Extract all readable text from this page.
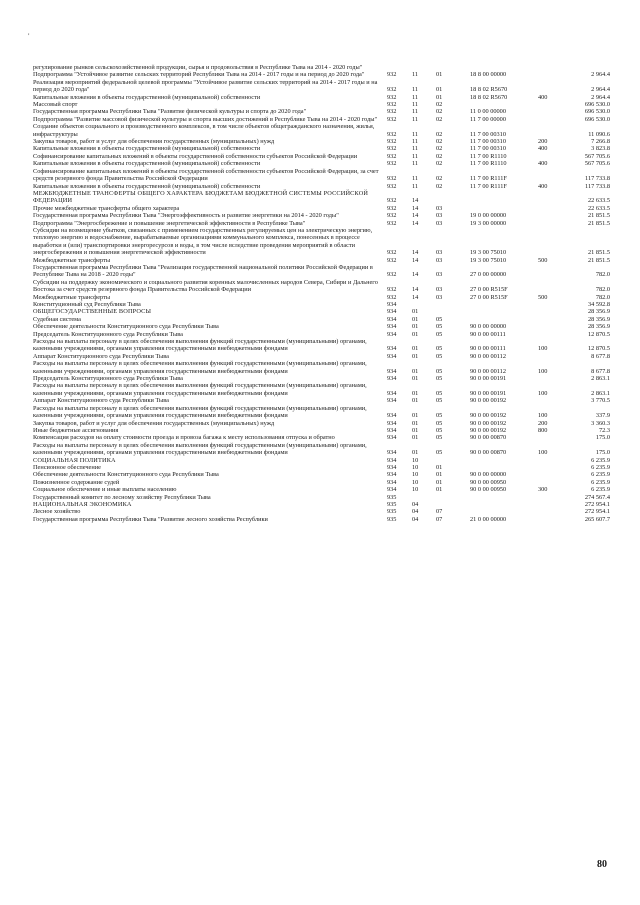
,
регулирование рынков сельскохозяйственной продукции, сырья и продовольствия в Республике Тыва на 2014 - 2020 годы"
Подпрограмма "Устойчивое развитие сельских территорий Республики Тыва на 2014 - 2017 годы и на период до 2020 года"	932 11	01	18 8 00 00000	2 964.4
Реализация мероприятий федеральной целевой программы "Устойчивое развитие сельских территорий на 2014 - 2017 годы и на период до 2020 года"	932 11	01	18 8 02 R5670	2 964.4
Капитальные вложения в объекты государственной (муниципальной) собственности	932 11	01	18 8 02 R5670	400	2 964.4
Массовый спорт	932 11	02	696 530.0
Государственная программа Республики Тыва "Развитие физической культуры и спорта до 2020 года"	932 11	02	11 0 00 00000	696 530.0
Подпрограмма "Развитие массовой физической культуры и спорта высших достижений в Республике Тыва на 2014 - 2020 годы"	932 11	02	11 7 00 00000	696 530.0
Создание объектов социального и производственного комплексов, в том числе объектов общегражданского назначения, жилья, инфраструктуры	932 11	02	11 7 00 00310	11 090.6
Закупка товаров, работ и услуг для обеспечения государственных (муниципальных) нужд	932 11	02	11 7 00 00310	200	7 266.8
Капитальные вложения в объекты государственной (муниципальной) собственности	932 11	02	11 7 00 00310	400	3 823.8
Софинансирование капитальных вложений в объекты государственной собственности субъектов Российской Федерации	932 11	02	11 7 00 R1110	567 705.6
Капитальные вложения в объекты государственной (муниципальной) собственности	932 11	02	11 7 00 R1110	400	567 705.6
Софинансирование капитальных вложений в объекты государственной собственности субъектов Российской Федерации, за счет средств резервного фонда Правительства Российской Федерации	932 11	02	11 7 00 R111F	117 733.8
Капитальные вложения в объекты государственной (муниципальной) собственности	932 11	02	11 7 00 R111F	400	117 733.8
МЕЖБЮДЖЕТНЫЕ ТРАНСФЕРТЫ ОБЩЕГО ХАРАКТЕРА БЮДЖЕТАМ БЮДЖЕТНОЙ СИСТЕМЫ РОССИЙСКОЙ ФЕДЕРАЦИИ	932 14	22 633.5
Прочие межбюджетные трансферты общего характера	932 14	03	22 633.5
Государственная программа Республики Тыва "Энергоэффективность и развитие энергетики на 2014 - 2020 годы"	932 14	03	19 0 00 00000	21 851.5
Подпрограмма "Энергосбережение и повышение энергетической эффективности в Республике Тыва"	932 14	03	19 3 00 00000	21 851.5
Субсидии на возмещение убытков, связанных с применением государственных регулируемых цен на электрическую энергию, тепловую энергию и водоснабжение, вырабатываемые организациями коммунального комплекса, понесенных в процессе выработки и (или) транспортировки энергоресурсов и воды, в том числе вследствие проведения мероприятий в области энергосбережения и повышения энергетической эффективности	932 14	03	19 3 00 75010	21 851.5
Межбюджетные трансферты	932 14	03	19 3 00 75010	500	21 851.5
Государственная программа Республики Тыва "Реализация государственной национальной политики Российской Федерации в Республике Тыва на 2018 - 2020 годы"	932 14	03	27 0 00 00000	782.0
Субсидии на поддержку экономического и социального развития коренных малочисленных народов Севера, Сибири и Дальнего Востока за счет средств резервного фонда Правительства Российской Федерации	932 14	03	27 0 00 R515F	782.0
Межбюджетные трансферты	932 14	03	27 0 00 R515F	500	782.0
Конституционный суд Республики Тыва	934	34 592.8
ОБЩЕГОСУДАРСТВЕННЫЕ ВОПРОСЫ	934 01	28 356.9
Судебная система	934 01	05	28 356.9
Обеспечение деятельности Конституционного суда Республики Тыва	934 01	05	90 0 00 00000	28 356.9
Председатель Конституционного суда Республики Тыва	934 01	05	90 0 00 00111	12 870.5
Расходы на выплаты персоналу в целях обеспечения выполнения функций государственными (муниципальными) органами, казенными учреждениями, органами управления государственными внебюджетными фондами	934 01	05	90 0 00 00111	100	12 870.5
Аппарат Конституционного суда Республики Тыва	934 01	05	90 0 00 00112	8 677.8
Расходы на выплаты персоналу в целях обеспечения выполнения функций государственными (муниципальными) органами, казенными учреждениями, органами управления государственными внебюджетными фондами	934 01	05	90 0 00 00112	100	8 677.8
Председатель Конституционного суда Республики Тыва	934 01	05	90 0 00 00191	2 863.1
Расходы на выплаты персоналу в целях обеспечения выполнения функций государственными (муниципальными) органами, казенными учреждениями, органами управления государственными внебюджетными фондами	934 01	05	90 0 00 00191	100	2 863.1
Аппарат Конституционного суда Республики Тыва	934 01	05	90 0 00 00192	3 770.5
Расходы на выплаты персоналу в целях обеспечения выполнения функций государственными (муниципальными) органами, казенными учреждениями, органами управления государственными внебюджетными фондами	934 01	05	90 0 00 00192	100	337.9
Закупка товаров, работ и услуг для обеспечения государственных (муниципальных) нужд	934 01	05	90 0 00 00192	200	3 360.3
Иные бюджетные ассигнования	934 01	05	90 0 00 00192	800	72.3
Компенсация расходов на оплату стоимости проезда и провоза багажа к месту использования отпуска и обратно	934 01	05	90 0 00 00870	175.0
Расходы на выплаты персоналу в целях обеспечения выполнения функций государственными (муниципальными) органами, казенными учреждениями, органами управления государственными внебюджетными фондами	934 01	05	90 0 00 00870	100	175.0
СОЦИАЛЬНАЯ ПОЛИТИКА	934 10	6 235.9
Пенсионное обеспечение	934 10	01	6 235.9
Обеспечение деятельности Конституционного суда Республики Тыва	934 10	01	90 0 00 00000	6 235.9
Пожизненное содержание судей	934 10	01	90 0 00 00950	6 235.9
Социальное обеспечение и иные выплаты населению	934 10	01	90 0 00 00950	300	6 235.9
Государственный комитет по лесному хозяйству Республики Тыва	935	274 567.4
НАЦИОНАЛЬНАЯ ЭКОНОМИКА	935 04	272 954.1
Лесное хозяйство	935 04	07	272 954.1
Государственная программа Республики Тыва "Развитие лесного хозяйства Республики	935 04	07	21 0 00 00000	265 607.7
80
